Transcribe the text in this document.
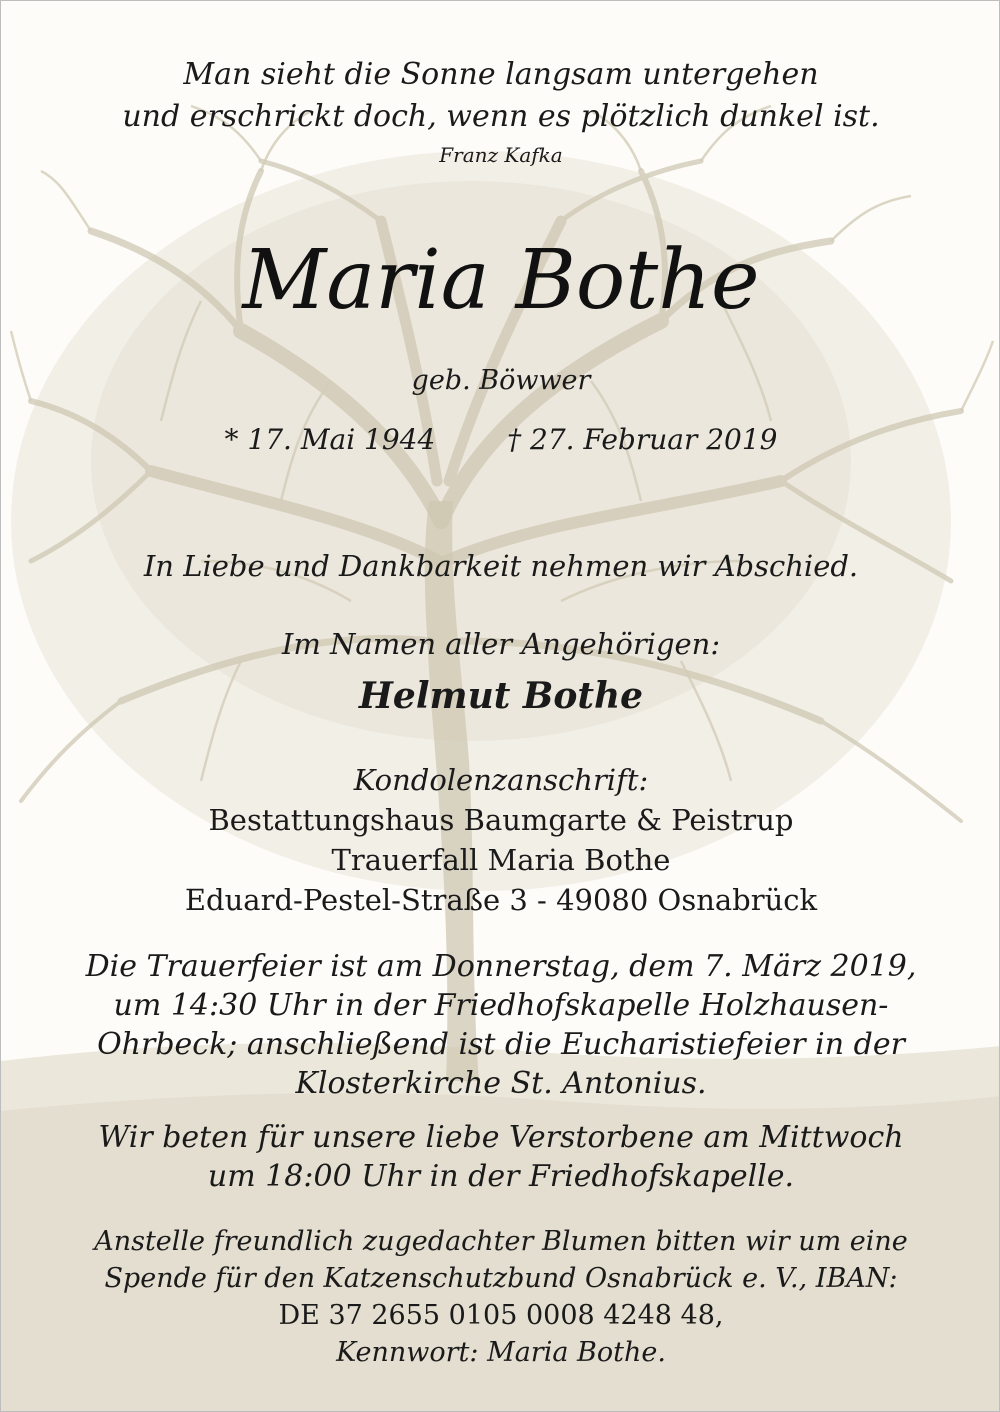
Man sieht die Sonne langsam untergehen
und erschrickt doch, wenn es plötzlich dunkel ist.
Franz Kafka
Maria Bothe
geb. Böwwer
* 17. Mai 1944	† 27. Februar 2019
In Liebe und Dankbarkeit nehmen wir Abschied.
Im Namen aller Angehörigen:
Helmut Bothe
Kondolenzanschrift:
Bestattungshaus Baumgarte & Peistrup
Trauerfall Maria Bothe
Eduard-Pestel-Straße 3 - 49080 Osnabrück
Die Trauerfeier ist am Donnerstag, dem 7. März 2019,
um 14:30 Uhr in der Friedhofskapelle Holzhausen-
Ohrbeck; anschließend ist die Eucharistiefeier in der
Klosterkirche St. Antonius.
Wir beten für unsere liebe Verstorbene am Mittwoch
um 18:00 Uhr in der Friedhofskapelle.
Anstelle freundlich zugedachter Blumen bitten wir um eine
Spende für den Katzenschutzbund Osnabrück e. V., IBAN:
DE 37 2655 0105 0008 4248 48,
Kennwort: Maria Bothe.
